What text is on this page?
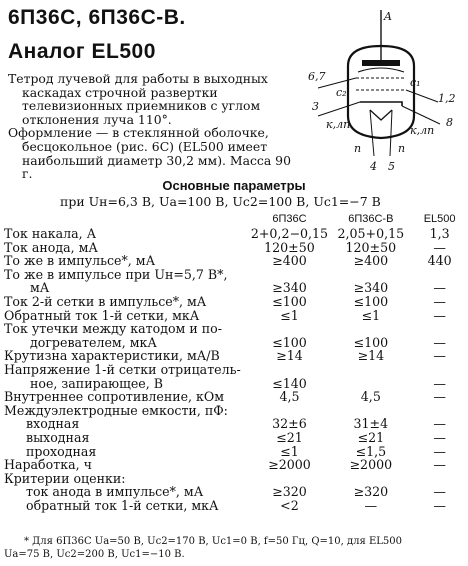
6П36С, 6П36С-В.
Аналог EL500

Тетрод лучевой для работы в выходных каскадах строчной развертки телевизионных приемников с углом отклонения луча 110°.

Оформление — в стеклянной оболочке, бесцокольное (рис. 6С) (EL500 имеет наибольший диаметр 30,2 мм). Масса 90 г.

A
6,7
c₂
c₁
1,2
3
8
к,лп	к,лп
п	п
4 5
Основные параметры
при Uн=6,3 В, Uа=100 В, Uс2=100 В, Uс1=−7 В
	6П36С	6П36С-В	EL500
Ток накала, А	2+0,2−0,15	2,05+0,15	1,3
Ток анода, мА	120±50	120±50	—
То же в импульсе*, мА	≥400	≥400	440
То же в импульсе при Uн=5,7 В*,			
мА	≥340	≥340	—
Ток 2-й сетки в импульсе*, мА	≤100	≤100	—
Обратный ток 1-й сетки, мкА	≤1	≤1	—
Ток утечки между катодом и по-			
догревателем, мкА	≤100	≤100	—
Крутизна характеристики, мА/В	≥14	≥14	—
Напряжение 1-й сетки отрицатель-			
ное, запирающее, В	≤140		—
Внутреннее сопротивление, кОм	4,5	4,5	—
Междуэлектродные емкости, пФ:			
входная	32±6	31±4	—
выходная	≤21	≤21	—
проходная	≤1	≤1,5	—
Наработка, ч	≥2000	≥2000	—
Критерии оценки:			
ток анода в импульсе*, мА	≥320	≥320	—
обратный ток 1-й сетки, мкА	<2	—	—
* Для 6П36С Uа=50 В, Uс2=170 В, Uс1=0 В, f=50 Гц, Q=10, для EL500
Uа=75 В, Uс2=200 В, Uс1=−10 В.
